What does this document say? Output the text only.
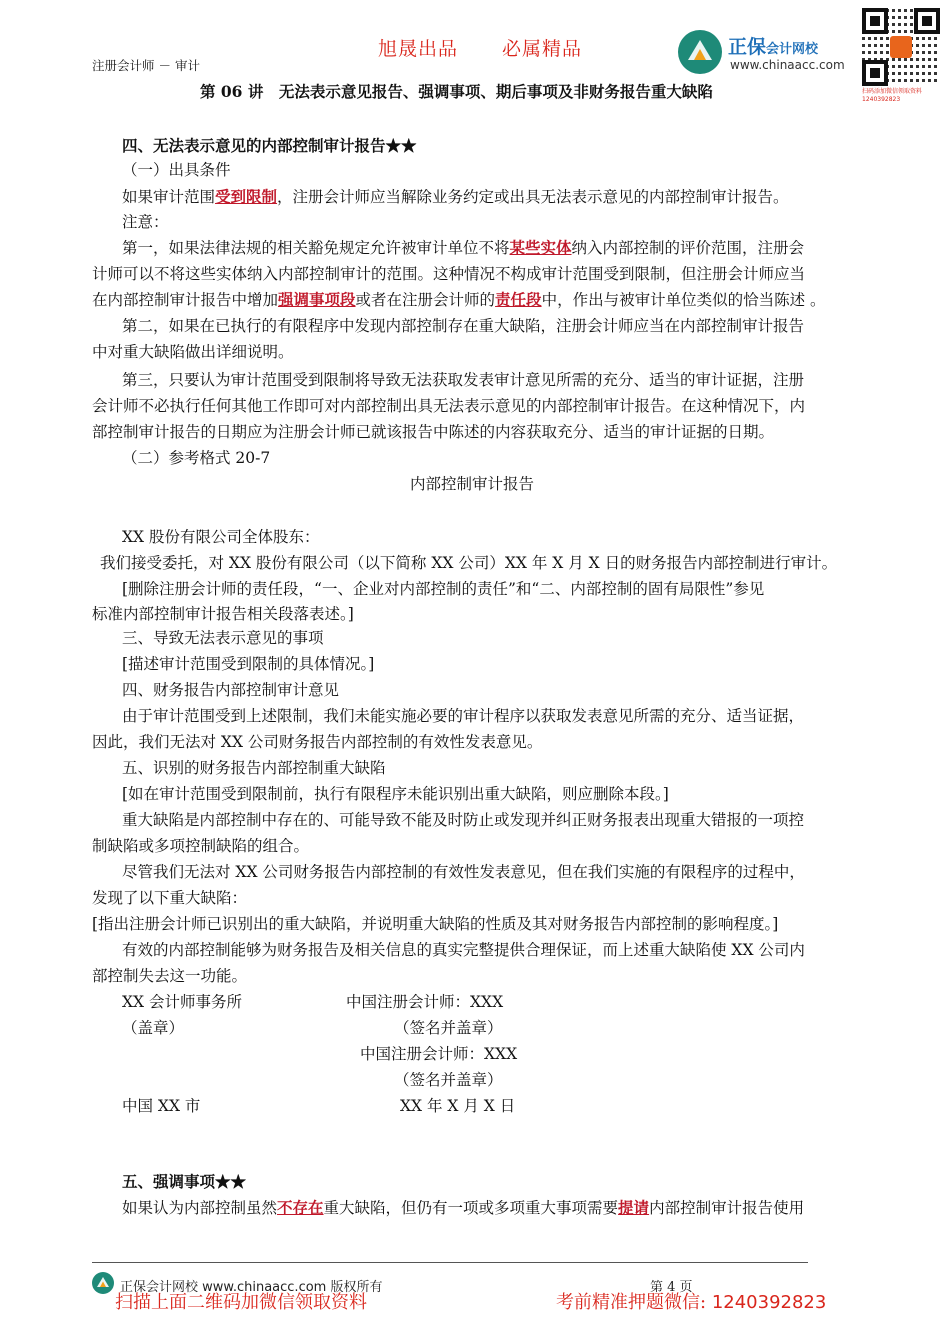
旭晟出品 必属精品
注册会计师 － 审计
第 06 讲　无法表示意见报告、强调事项、期后事项及非财务报告重大缺陷
正保会计网校
www.chinaacc.com
扫码添加微信领取资料 1240392823
四、无法表示意见的内部控制审计报告★★
（一）出具条件
如果审计范围受到限制，注册会计师应当解除业务约定或出具无法表示意见的内部控制审计报告。
注意：
第一，如果法律法规的相关豁免规定允许被审计单位不将某些实体纳入内部控制的评价范围，注册会
计师可以不将这些实体纳入内部控制审计的范围。这种情况不构成审计范围受到限制，但注册会计师应当
在内部控制审计报告中增加强调事项段或者在注册会计师的责任段中，作出与被审计单位类似的恰当陈述 。
第二，如果在已执行的有限程序中发现内部控制存在重大缺陷，注册会计师应当在内部控制审计报告
中对重大缺陷做出详细说明。
第三，只要认为审计范围受到限制将导致无法获取发表审计意见所需的充分、适当的审计证据，注册
会计师不必执行任何其他工作即可对内部控制出具无法表示意见的内部控制审计报告。在这种情况下，内
部控制审计报告的日期应为注册会计师已就该报告中陈述的内容获取充分、适当的审计证据的日期。
（二）参考格式 20-7
内部控制审计报告
XX 股份有限公司全体股东：
我们接受委托，对 XX 股份有限公司（以下简称 XX 公司）XX 年 X 月 X 日的财务报告内部控制进行审计。
[删除注册会计师的责任段，“一、企业对内部控制的责任”和“二、内部控制的固有局限性”参见
标准内部控制审计报告相关段落表述。]
三、导致无法表示意见的事项
[描述审计范围受到限制的具体情况。]
四、财务报告内部控制审计意见
由于审计范围受到上述限制，我们未能实施必要的审计程序以获取发表意见所需的充分、适当证据，
因此，我们无法对 XX 公司财务报告内部控制的有效性发表意见。
五、识别的财务报告内部控制重大缺陷
[如在审计范围受到限制前，执行有限程序未能识别出重大缺陷，则应删除本段。]
重大缺陷是内部控制中存在的、可能导致不能及时防止或发现并纠正财务报表出现重大错报的一项控
制缺陷或多项控制缺陷的组合。
尽管我们无法对 XX 公司财务报告内部控制的有效性发表意见，但在我们实施的有限程序的过程中，
发现了以下重大缺陷：
[指出注册会计师已识别出的重大缺陷，并说明重大缺陷的性质及其对财务报告内部控制的影响程度。]
有效的内部控制能够为财务报告及相关信息的真实完整提供合理保证，而上述重大缺陷使 XX 公司内
部控制失去这一功能。
XX 会计师事务所	中国注册会计师：XXX
（盖章）	（签名并盖章）
中国注册会计师：XXX
（签名并盖章）
中国 XX 市	XX 年 X 月 X 日
五、强调事项★★
如果认为内部控制虽然不存在重大缺陷，但仍有一项或多项重大事项需要提请内部控制审计报告使用
正保会计网校 www.chinaacc.com 版权所有	第 4 页
扫描上面二维码加微信领取资料	考前精准押题微信: 1240392823
